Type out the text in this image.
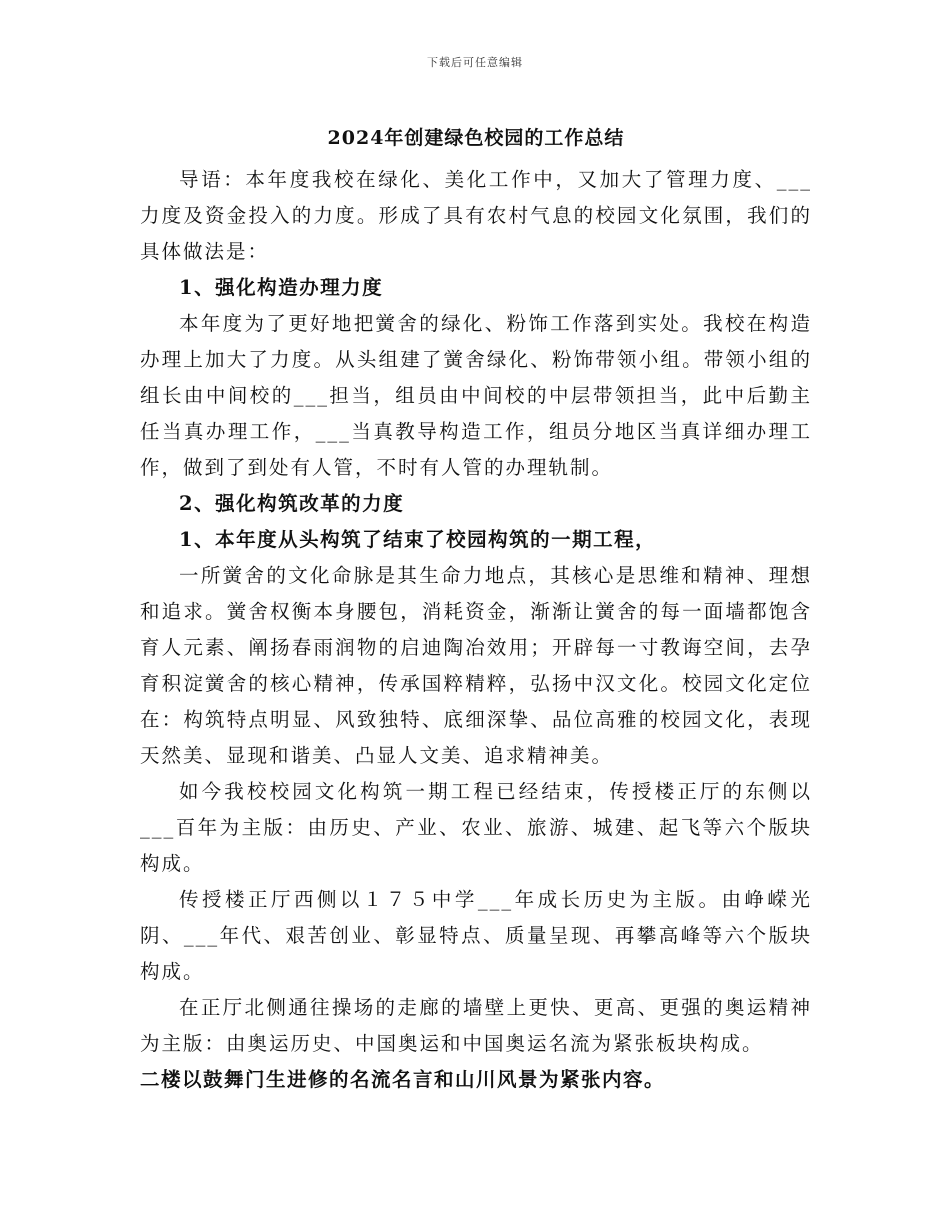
下载后可任意编辑
2024年创建绿色校园的工作总结

导语：本年度我校在绿化、美化工作中，又加大了管理力度、___力度及资金投入的力度。形成了具有农村气息的校园文化氛围，我们的具体做法是：

1、强化构造办理力度

本年度为了更好地把黉舍的绿化、粉饰工作落到实处。我校在构造办理上加大了力度。从头组建了黉舍绿化、粉饰带领小组。带领小组的组长由中间校的___担当，组员由中间校的中层带领担当，此中后勤主任当真办理工作，___当真教导构造工作，组员分地区当真详细办理工作，做到了到处有人管，不时有人管的办理轨制。

2、强化构筑改革的力度

1、本年度从头构筑了结束了校园构筑的一期工程，

一所黉舍的文化命脉是其生命力地点，其核心是思维和精神、理想和追求。黉舍权衡本身腰包，消耗资金，渐渐让黉舍的每一面墙都饱含育人元素、阐扬春雨润物的启迪陶冶效用；开辟每一寸教诲空间，去孕育积淀黉舍的核心精神，传承国粹精粹，弘扬中汉文化。校园文化定位在：构筑特点明显、风致独特、底细深挚、品位高雅的校园文化，表现天然美、显现和谐美、凸显人文美、追求精神美。

如今我校校园文化构筑一期工程已经结束，传授楼正厅的东侧以___百年为主版：由历史、产业、农业、旅游、城建、起飞等六个版块构成。

传授楼正厅西侧以１７５中学___年成长历史为主版。由峥嵘光阴、___年代、艰苦创业、彰显特点、质量呈现、再攀高峰等六个版块构成。

在正厅北侧通往操场的走廊的墙壁上更快、更高、更强的奥运精神为主版：由奥运历史、中国奥运和中国奥运名流为紧张板块构成。

二楼以鼓舞门生进修的名流名言和山川风景为紧张内容。
